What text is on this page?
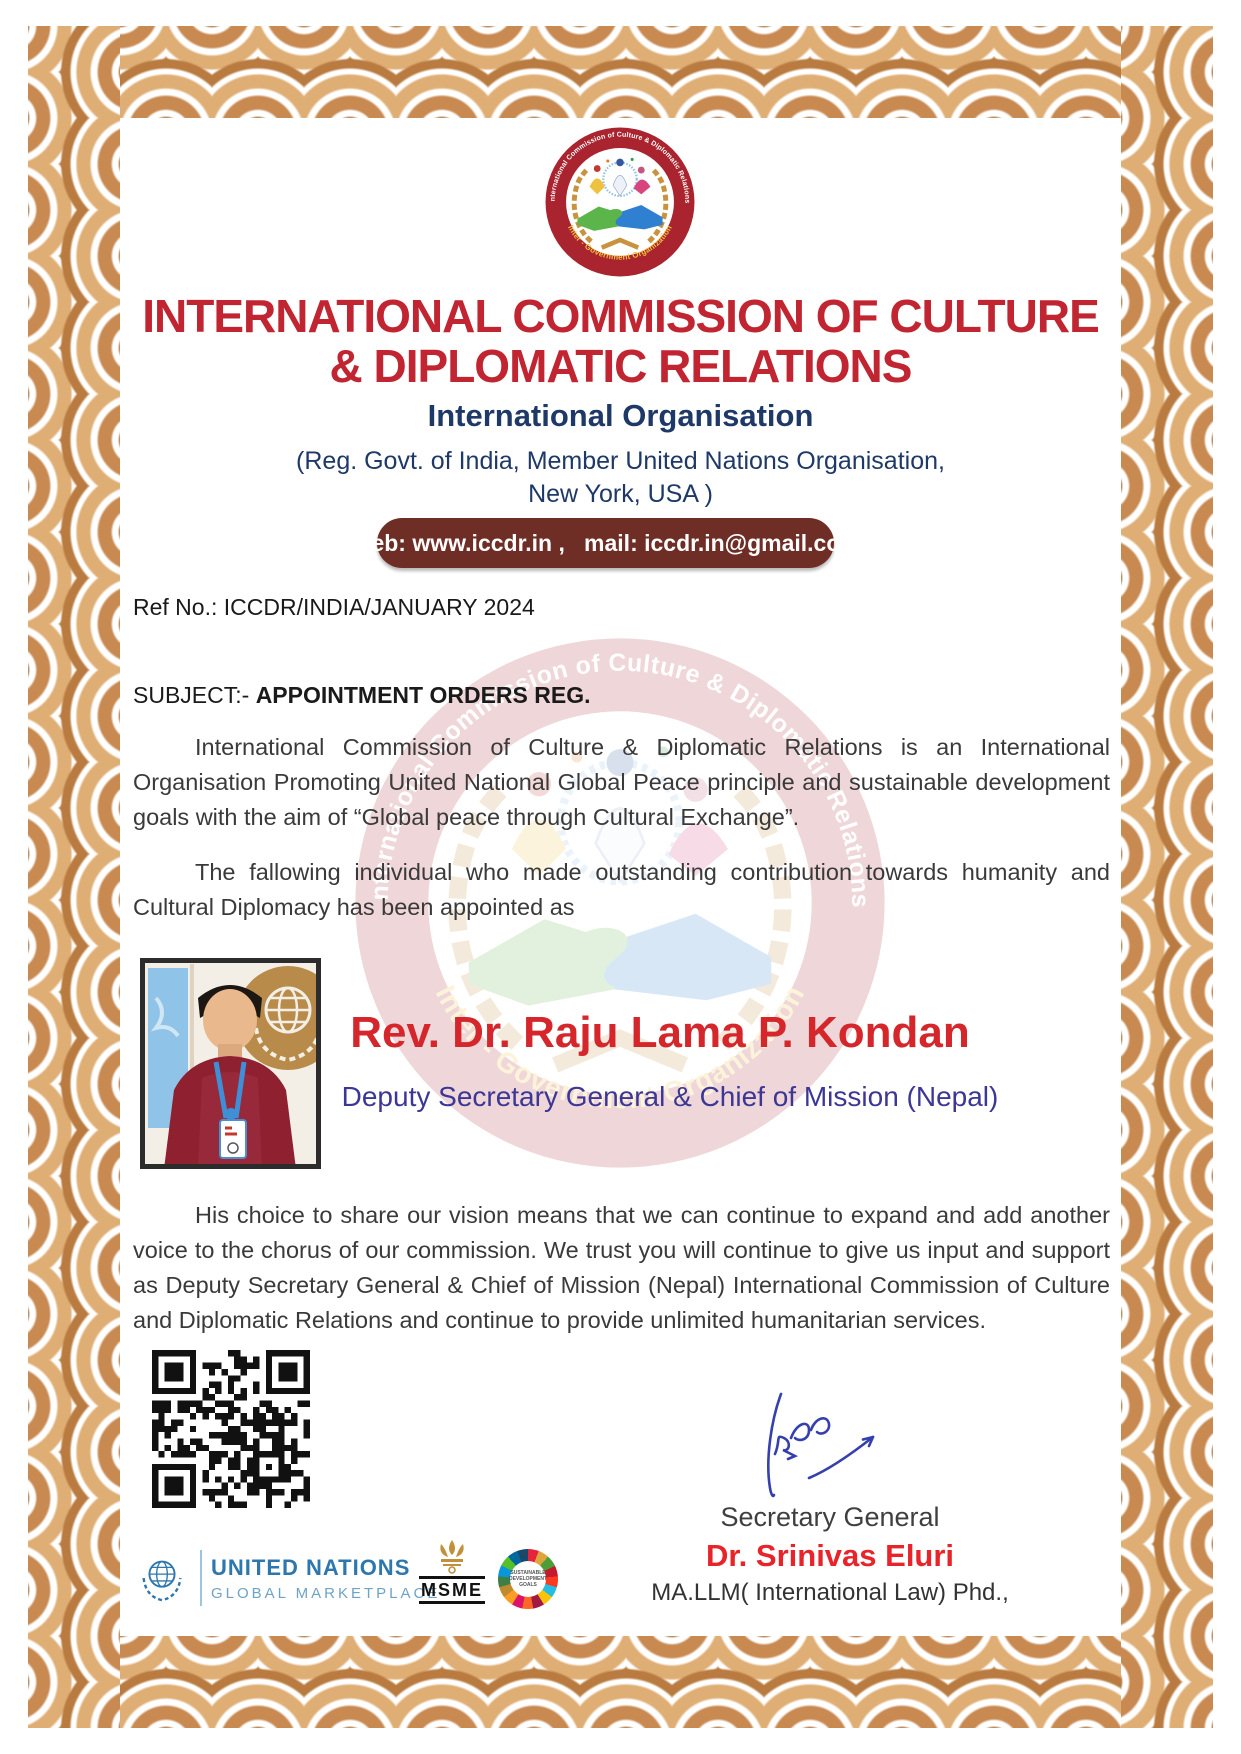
INTERNATIONAL COMMISSION OF CULTURE
& DIPLOMATIC RELATIONS
International Organisation
(Reg. Govt. of India, Member United Nations Organisation,
New York, USA )
Web: www.iccdr.in ,   mail: iccdr.in@gmail.com
Ref No.: ICCDR/INDIA/JANUARY 2024
SUBJECT:- APPOINTMENT ORDERS REG.

International Commission of Culture & Diplomatic Relations is an International Organisation Promoting United National Global Peace principle and sustainable development goals with the aim of “Global peace through Cultural Exchange”.

The fallowing individual who made outstanding contribution towards humanity and Cultural Diplomacy has been appointed as

Rev. Dr. Raju Lama P. Kondan
Deputy Secretary General & Chief of Mission (Nepal)

His choice to share our vision means that we can continue to expand and add another voice to the chorus of our commission. We trust you will continue to give us input and support as Deputy Secretary General & Chief of Mission (Nepal) International Commission of Culture and Diplomatic Relations and continue to provide unlimited humanitarian services.

Secretary General
Dr. Srinivas Eluri
MA.LLM( International Law) Phd.,
UNITED NATIONS
GLOBAL MARKETPLACE
MSME
SUSTAINABLE
DEVELOPMENT
GOALS
